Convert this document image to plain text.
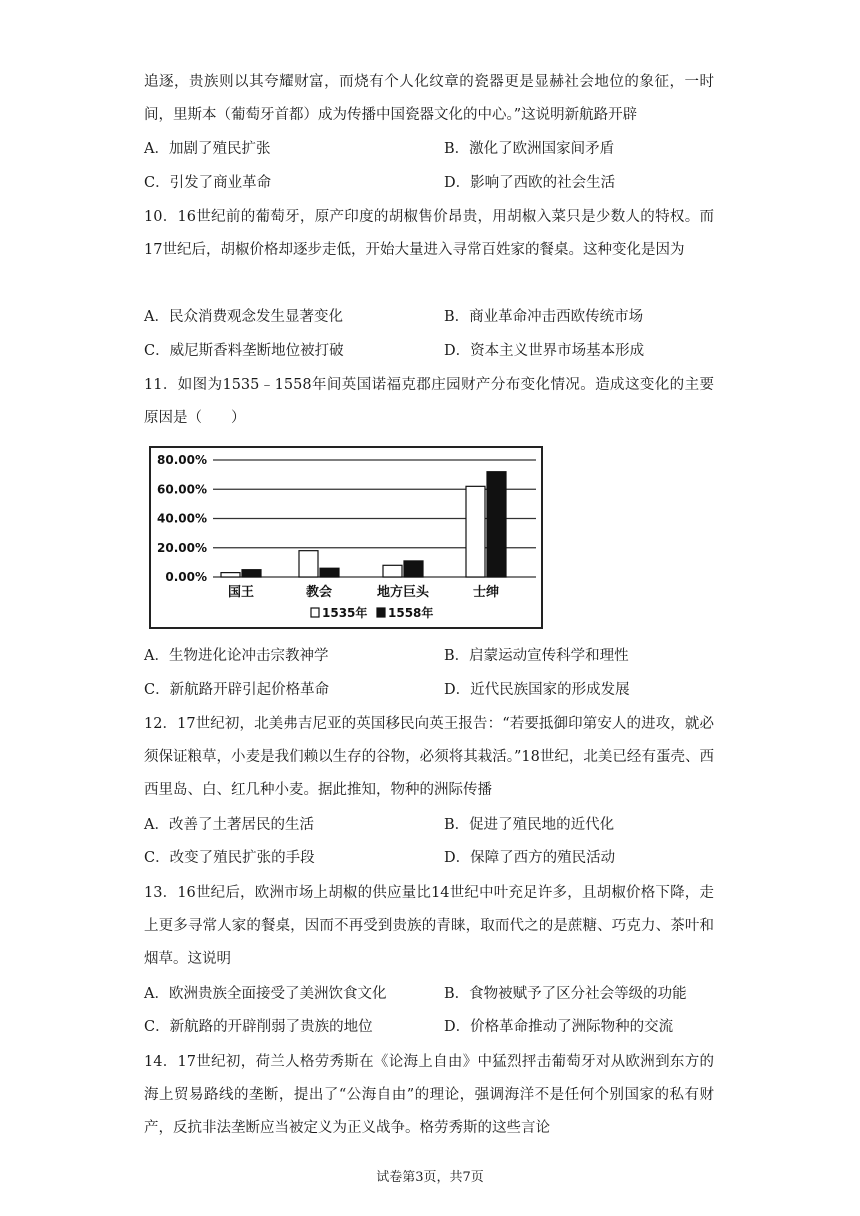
追逐，贵族则以其夸耀财富，而烧有个人化纹章的瓷器更是显赫社会地位的象征，一时间，里斯本（葡萄牙首都）成为传播中国瓷器文化的中心。”这说明新航路开辟

A．加剧了殖民扩张	B．激化了欧洲国家间矛盾
C．引发了商业革命	D．影响了西欧的社会生活

10．16世纪前的葡萄牙，原产印度的胡椒售价昂贵，用胡椒入菜只是少数人的特权。而17世纪后，胡椒价格却逐步走低，开始大量进入寻常百姓家的餐桌。这种变化是因为

A．民众消费观念发生显著变化	B．商业革命冲击西欧传统市场
C．威尼斯香料垄断地位被打破	D．资本主义世界市场基本形成

11．如图为1535﹣1558年间英国诺福克郡庄园财产分布变化情况。造成这变化的主要原因是（　　）

0.00%
20.00%
40.00%
60.00%
80.00%
国王	教会	地方巨头	士绅
1535年 1558年
A．生物进化论冲击宗教神学	B．启蒙运动宣传科学和理性
C．新航路开辟引起价格革命	D．近代民族国家的形成发展

12．17世纪初，北美弗吉尼亚的英国移民向英王报告：“若要抵御印第安人的进攻，就必须保证粮草，小麦是我们赖以生存的谷物，必须将其栽活。”18世纪，北美已经有蛋壳、西西里岛、白、红几种小麦。据此推知，物种的洲际传播

A．改善了土著居民的生活	B．促进了殖民地的近代化
C．改变了殖民扩张的手段	D．保障了西方的殖民活动

13．16世纪后，欧洲市场上胡椒的供应量比14世纪中叶充足许多，且胡椒价格下降，走上更多寻常人家的餐桌，因而不再受到贵族的青睐，取而代之的是蔗糖、巧克力、茶叶和烟草。这说明

A．欧洲贵族全面接受了美洲饮食文化	B．食物被赋予了区分社会等级的功能
C．新航路的开辟削弱了贵族的地位	D．价格革命推动了洲际物种的交流

14．17世纪初，荷兰人格劳秀斯在《论海上自由》中猛烈抨击葡萄牙对从欧洲到东方的海上贸易路线的垄断，提出了“公海自由”的理论，强调海洋不是任何个别国家的私有财产，反抗非法垄断应当被定义为正义战争。格劳秀斯的这些言论

试卷第3页，共7页
